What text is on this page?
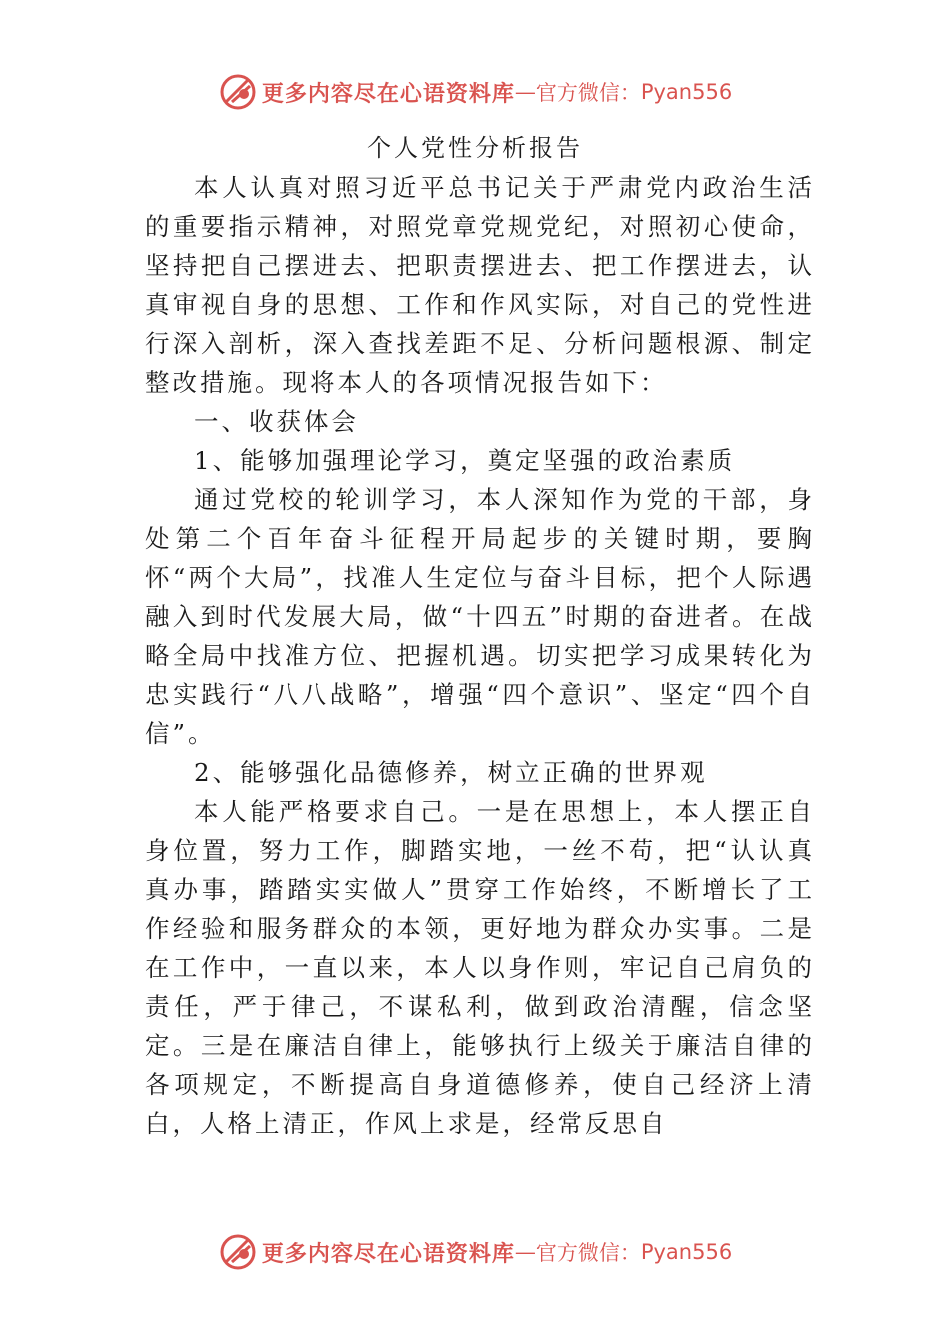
更多内容尽在心语资料库 — 官方微信： Pyan556
个人党性分析报告

本人认真对照习近平总书记关于严肃党内政治生活的重要指示精神，对照党章党规党纪，对照初心使命，坚持把自己摆进去、把职责摆进去、把工作摆进去，认真审视自身的思想、工作和作风实际，对自己的党性进行深入剖析，深入查找差距不足、分析问题根源、制定整改措施。现将本人的各项情况报告如下：

一、收获体会

1、能够加强理论学习，奠定坚强的政治素质

通过党校的轮训学习，本人深知作为党的干部，身处第二个百年奋斗征程开局起步的关键时期，要胸怀“两个大局”，找准人生定位与奋斗目标，把个人际遇融入到时代发展大局，做“十四五”时期的奋进者。在战略全局中找准方位、把握机遇。切实把学习成果转化为忠实践行“八八战略”，增强“四个意识”、坚定“四个自信”。

2、能够强化品德修养，树立正确的世界观

本人能严格要求自己。一是在思想上，本人摆正自身位置，努力工作，脚踏实地，一丝不苟，把“认认真真办事，踏踏实实做人”贯穿工作始终，不断增长了工作经验和服务群众的本领，更好地为群众办实事。二是在工作中，一直以来，本人以身作则，牢记自己肩负的责任，严于律己，不谋私利，做到政治清醒，信念坚定。三是在廉洁自律上，能够执行上级关于廉洁自律的各项规定，不断提高自身道德修养，使自己经济上清白，人格上清正，作风上求是，经常反思自

更多内容尽在心语资料库 — 官方微信： Pyan556
